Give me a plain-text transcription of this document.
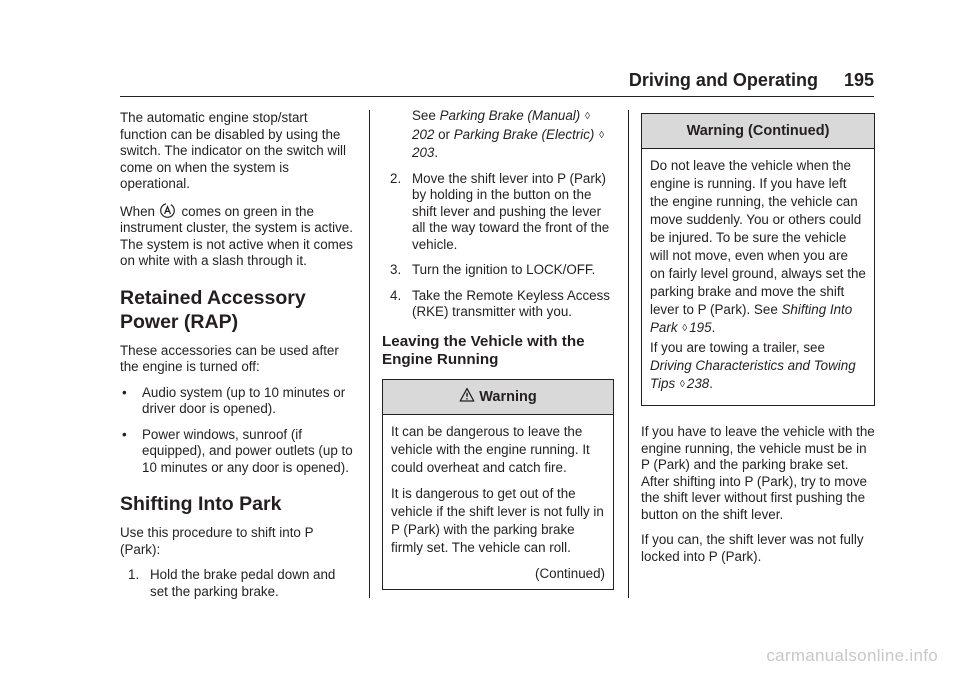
Driving and Operating 195

The automatic engine stop/start function can be disabled by using the switch. The indicator on the switch will come on when the system is operational.

When comes on green in the instrument cluster, the system is active. The system is not active when it comes on white with a slash through it.

Retained Accessory Power (RAP)

These accessories can be used after the engine is turned off:

• Audio system (up to 10 minutes or driver door is opened).
• Power windows, sunroof (if equipped), and power outlets (up to 10 minutes or any door is opened).
Shifting Into Park

Use this procedure to shift into P (Park):

1. Hold the brake pedal down and set the parking brake.
See Parking Brake (Manual) ◊202 or Parking Brake (Electric) ◊203.
2. Move the shift lever into P (Park) by holding in the button on the shift lever and pushing the lever all the way toward the front of the vehicle.
3. Turn the ignition to LOCK/OFF.
4. Take the Remote Keyless Access (RKE) transmitter with you.
Leaving the Vehicle with the Engine Running
Warning

It can be dangerous to leave the vehicle with the engine running. It could overheat and catch fire.

It is dangerous to get out of the vehicle if the shift lever is not fully in P (Park) with the parking brake firmly set. The vehicle can roll.

(Continued)

Warning (Continued)
Do not leave the vehicle when the engine is running. If you have left the engine running, the vehicle can move suddenly. You or others could be injured. To be sure the vehicle will not move, even when you are on fairly level ground, always set the parking brake and move the shift lever to P (Park). See Shifting Into Park ◊ 195.
If you are towing a trailer, see Driving Characteristics and Towing Tips ◊ 238.

If you have to leave the vehicle with the engine running, the vehicle must be in P (Park) and the parking brake set. After shifting into P (Park), try to move the shift lever without first pushing the button on the shift lever.

If you can, the shift lever was not fully locked into P (Park).

carmanualsonline.info
